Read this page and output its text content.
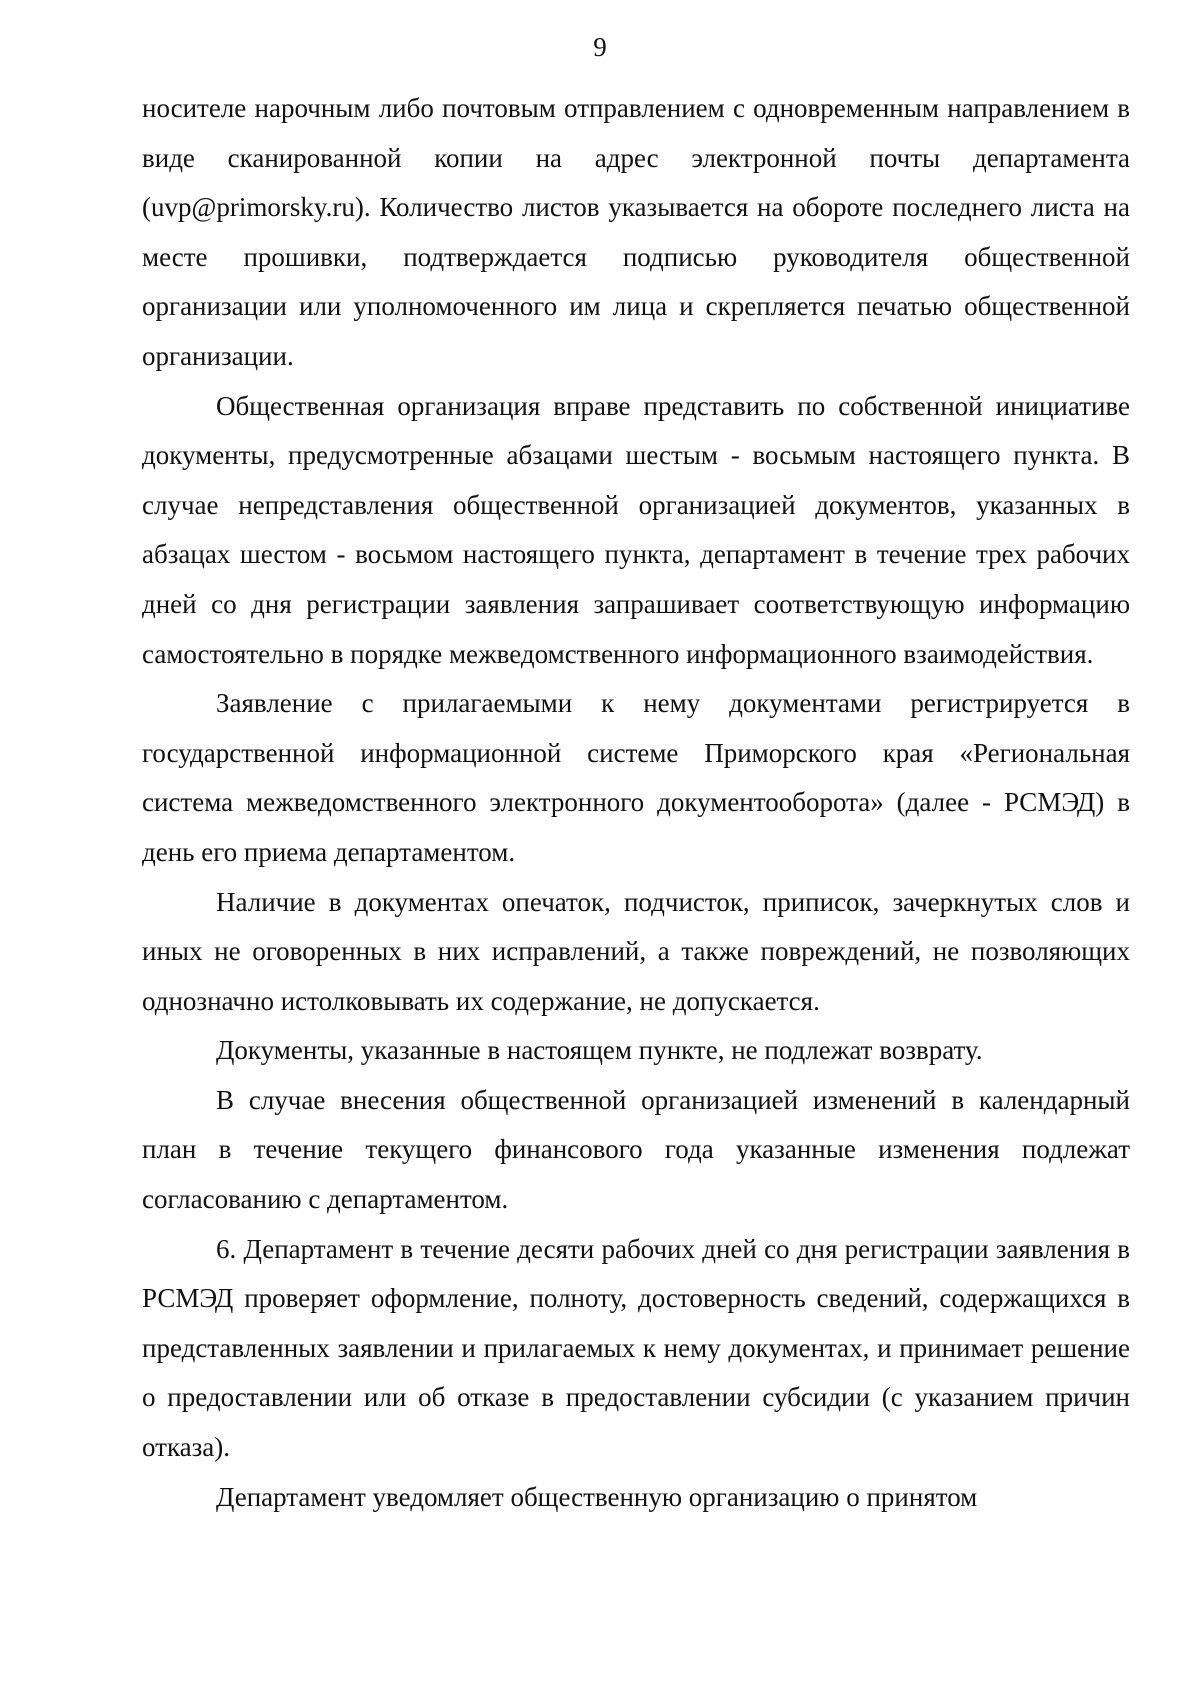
9

носителе нарочным либо почтовым отправлением с одновременным направлением в виде сканированной копии на адрес электронной почты департамента (uvp@primorsky.ru). Количество листов указывается на обороте последнего листа на месте прошивки, подтверждается подписью руководителя общественной организации или уполномоченного им лица и скрепляется печатью общественной организации.

Общественная организация вправе представить по собственной инициативе документы, предусмотренные абзацами шестым - восьмым настоящего пункта. В случае непредставления общественной организацией документов, указанных в абзацах шестом - восьмом настоящего пункта, департамент в течение трех рабочих дней со дня регистрации заявления запрашивает соответствующую информацию самостоятельно в порядке межведомственного информационного взаимодействия.

Заявление с прилагаемыми к нему документами регистрируется в государственной информационной системе Приморского края «Региональная система межведомственного электронного документооборота» (далее - РСМЭД) в день его приема департаментом.

Наличие в документах опечаток, подчисток, приписок, зачеркнутых слов и иных не оговоренных в них исправлений, а также повреждений, не позволяющих однозначно истолковывать их содержание, не допускается.

Документы, указанные в настоящем пункте, не подлежат возврату.

В случае внесения общественной организацией изменений в календарный план в течение текущего финансового года указанные изменения подлежат согласованию с департаментом.

6. Департамент в течение десяти рабочих дней со дня регистрации заявления в РСМЭД проверяет оформление, полноту, достоверность сведений, содержащихся в представленных заявлении и прилагаемых к нему документах, и принимает решение о предоставлении или об отказе в предоставлении субсидии (с указанием причин отказа).

Департамент уведомляет общественную организацию о принятом
